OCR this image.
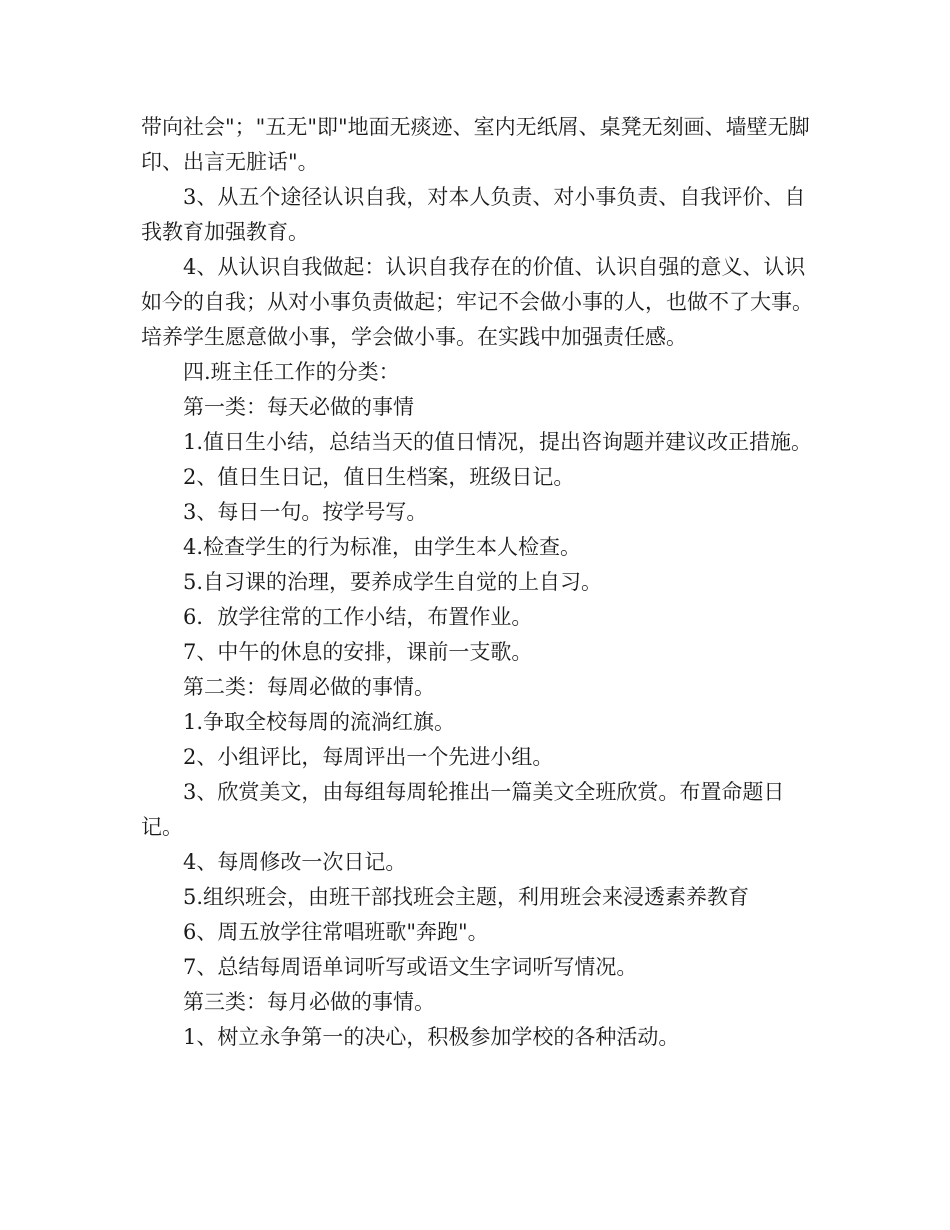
带向社会"；"五无"即"地面无痰迹、室内无纸屑、桌凳无刻画、墙壁无脚印、出言无脏话"。

3、从五个途径认识自我，对本人负责、对小事负责、自我评价、自我教育加强教育。

4、从认识自我做起：认识自我存在的价值、认识自强的意义、认识如今的自我；从对小事负责做起；牢记不会做小事的人，也做不了大事。培养学生愿意做小事，学会做小事。在实践中加强责任感。

四.班主任工作的分类：

第一类：每天必做的事情

1.值日生小结，总结当天的值日情况，提出咨询题并建议改正措施。

2、值日生日记，值日生档案，班级日记。

3、每日一句。按学号写。

4.检查学生的行为标准，由学生本人检查。

5.自习课的治理，要养成学生自觉的上自习。

6．放学往常的工作小结，布置作业。

7、中午的休息的安排，课前一支歌。

第二类：每周必做的事情。

1.争取全校每周的流淌红旗。

2、小组评比，每周评出一个先进小组。

3、欣赏美文，由每组每周轮推出一篇美文全班欣赏。布置命题日记。

4、每周修改一次日记。

5.组织班会，由班干部找班会主题，利用班会来浸透素养教育

6、周五放学往常唱班歌"奔跑"。

7、总结每周语单词听写或语文生字词听写情况。

第三类：每月必做的事情。

1、树立永争第一的决心，积极参加学校的各种活动。
